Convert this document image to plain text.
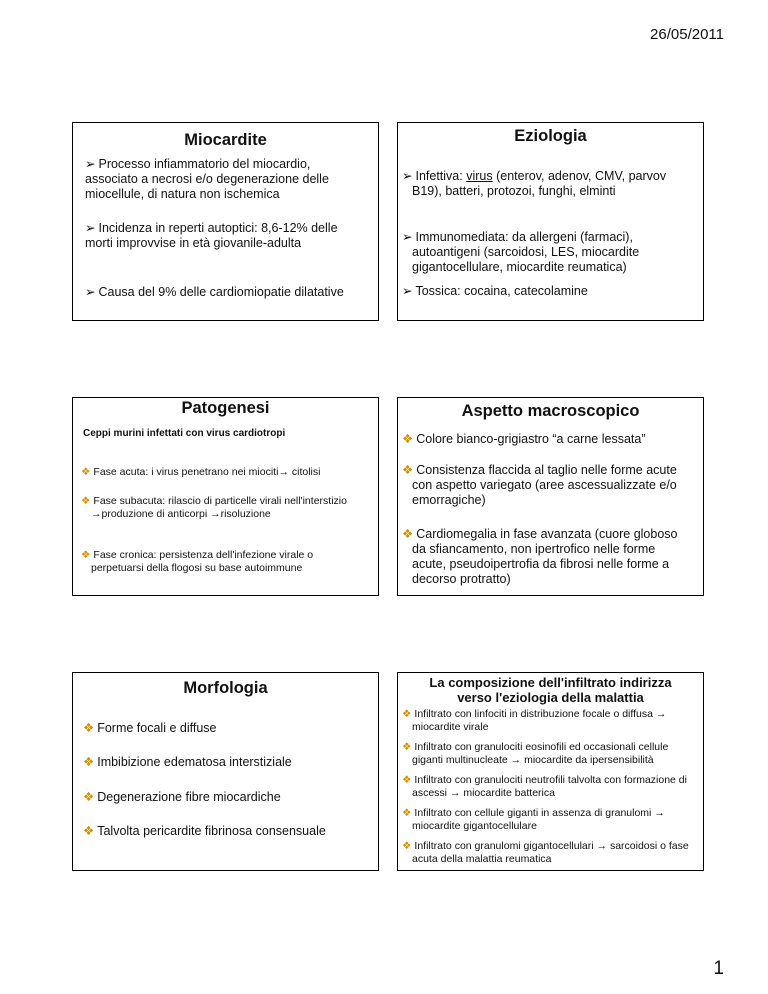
26/05/2011
Miocardite
➢ Processo infiammatorio del miocardio, associato a necrosi e/o degenerazione delle miocellule, di natura non ischemica
➢ Incidenza in reperti autoptici: 8,6-12% delle morti improvvise in età giovanile-adulta
➢ Causa del 9% delle cardiomiopatie dilatative
Eziologia
➢ Infettiva: virus (enterov, adenov, CMV, parvov B19), batteri, protozoi, funghi, elminti
➢ Immunomediata: da allergeni (farmaci), autoantigeni (sarcoidosi, LES, miocardite gigantocellulare, miocardite reumatica)
➢ Tossica: cocaina, catecolamine
Patogenesi
Ceppi murini infettati con virus cardiotropi
❖ Fase acuta: i virus penetrano nei miociti→ citolisi
❖ Fase subacuta: rilascio di particelle virali nell'interstizio →produzione di anticorpi →risoluzione
❖ Fase cronica: persistenza dell'infezione virale o perpetuarsi della flogosi su base autoimmune
Aspetto macroscopico
❖ Colore bianco-grigiastro “a carne lessata”
❖ Consistenza flaccida al taglio nelle forme acute con aspetto variegato (aree ascessualizzate e/o emorragiche)
❖ Cardiomegalia in fase avanzata (cuore globoso da sfiancamento, non ipertrofico nelle forme acute, pseudoipertrofia da fibrosi nelle forme a decorso protratto)
Morfologia
❖ Forme focali e diffuse
❖ Imbibizione edematosa interstiziale
❖ Degenerazione fibre miocardiche
❖ Talvolta pericardite fibrinosa consensuale
La composizione dell'infiltrato indirizza
verso l'eziologia della malattia
❖ Infiltrato con linfociti in distribuzione focale o diffusa → miocardite virale
❖ Infiltrato con granulociti eosinofili ed occasionali cellule giganti multinucleate → miocardite da ipersensibilità
❖ Infiltrato con granulociti neutrofili talvolta con formazione di ascessi → miocardite batterica
❖ Infiltrato con cellule giganti in assenza di granulomi → miocardite gigantocellulare
❖ Infiltrato con granulomi gigantocellulari → sarcoidosi o fase acuta della malattia reumatica
1
